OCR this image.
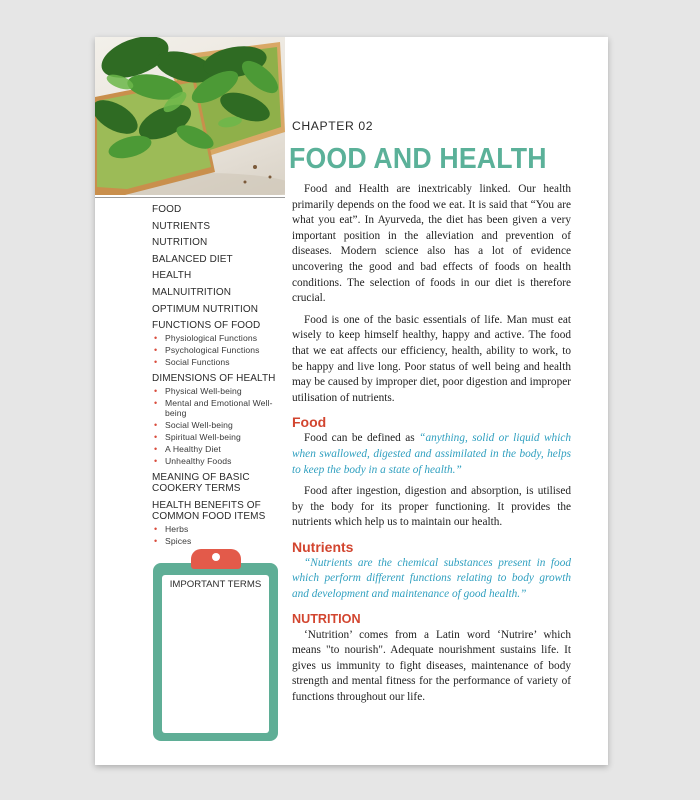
FOOD
NUTRIENTS
NUTRITION
BALANCED DIET
HEALTH
MALNUITRITION
OPTIMUM NUTRITION
FUNCTIONS OF FOOD
• Physiological Functions
• Psychological Functions
• Social Functions
DIMENSIONS OF HEALTH
• Physical Well-being
• Mental and Emotional Well-being
• Social Well-being
• Spiritual Well-being
• A Healthy Diet
• Unhealthy Foods
MEANING OF BASIC COOKERY TERMS
HEALTH BENEFITS OF COMMON FOOD ITEMS
• Herbs
• Spices
IMPORTANT TERMS
CHAPTER 02
FOOD AND HEALTH

Food and Health are inextricably linked. Our health primarily depends on the food we eat. It is said that “You are what you eat”. In Ayurveda, the diet has been given a very important position in the alleviation and prevention of diseases. Modern science also has a lot of evidence uncovering the good and bad effects of foods on health conditions. The selection of foods in our diet is therefore crucial.

Food is one of the basic essentials of life. Man must eat wisely to keep himself healthy, happy and active. The food that we eat affects our efficiency, health, ability to work, to be happy and live long. Poor status of well being and health may be caused by improper diet, poor digestion and improper utilisation of nutrients.

Food

Food can be defined as “anything, solid or liquid which when swallowed, digested and assimilated in the body, helps to keep the body in a state of health.”

Food after ingestion, digestion and absorption, is utilised by the body for its proper functioning. It provides the nutrients which help us to maintain our health.

Nutrients

“Nutrients are the chemical substances present in food which perform different functions relating to body growth and development and maintenance of good health.”

NUTRITION

‘Nutrition’ comes from a Latin word ‘Nutrire’ which means "to nourish". Adequate nourishment sustains life. It gives us immunity to fight diseases, maintenance of body strength and mental fitness for the performance of variety of functions throughout our life.
